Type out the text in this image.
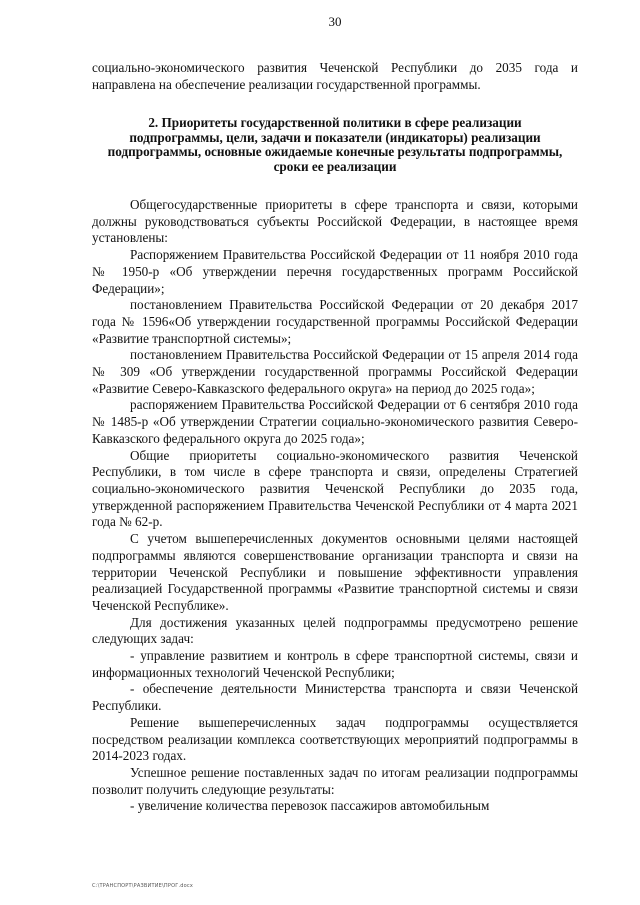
30

социально-экономического развития Чеченской Республики до 2035 года и направлена на обеспечение реализации государственной программы.

2. Приоритеты государственной политики в сфере реализации подпрограммы, цели, задачи и показатели (индикаторы) реализации подпрограммы, основные ожидаемые конечные результаты подпрограммы, сроки ее реализации

Общегосударственные приоритеты в сфере транспорта и связи, которыми должны руководствоваться субъекты Российской Федерации, в настоящее время установлены:

Распоряжением Правительства Российской Федерации от 11 ноября 2010 года № 1950-р «Об утверждении перечня государственных программ Российской Федерации»;

постановлением Правительства Российской Федерации от 20 декабря 2017 года № 1596«Об утверждении государственной программы Российской Федерации «Развитие транспортной системы»;

постановлением Правительства Российской Федерации от 15 апреля 2014 года № 309 «Об утверждении государственной программы Российской Федерации «Развитие Северо-Кавказского федерального округа» на период до 2025 года»;

распоряжением Правительства Российской Федерации от 6 сентября 2010 года № 1485-р «Об утверждении Стратегии социально-экономического развития Северо-Кавказского федерального округа до 2025 года»;

Общие приоритеты социально-экономического развития Чеченской Республики, в том числе в сфере транспорта и связи, определены Стратегией социально-экономического развития Чеченской Республики до 2035 года, утвержденной распоряжением Правительства Чеченской Республики от 4 марта 2021 года № 62-р.

С учетом вышеперечисленных документов основными целями настоящей подпрограммы являются совершенствование организации транспорта и связи на территории Чеченской Республики и повышение эффективности управления реализацией Государственной программы «Развитие транспортной системы и связи Чеченской Республике».

Для достижения указанных целей подпрограммы предусмотрено решение следующих задач:

- управление развитием и контроль в сфере транспортной системы, связи и информационных технологий Чеченской Республики;

- обеспечение деятельности Министерства транспорта и связи Чеченской Республики.

Решение вышеперечисленных задач подпрограммы осуществляется посредством реализации комплекса соответствующих мероприятий подпрограммы в 2014-2023 годах.

Успешное решение поставленных задач по итогам реализации подпрограммы позволит получить следующие результаты:

- увеличение количества перевозок пассажиров автомобильным

С:\ТРАНСПОРТ\РАЗВИТИЕ\ПРОГ.docx
